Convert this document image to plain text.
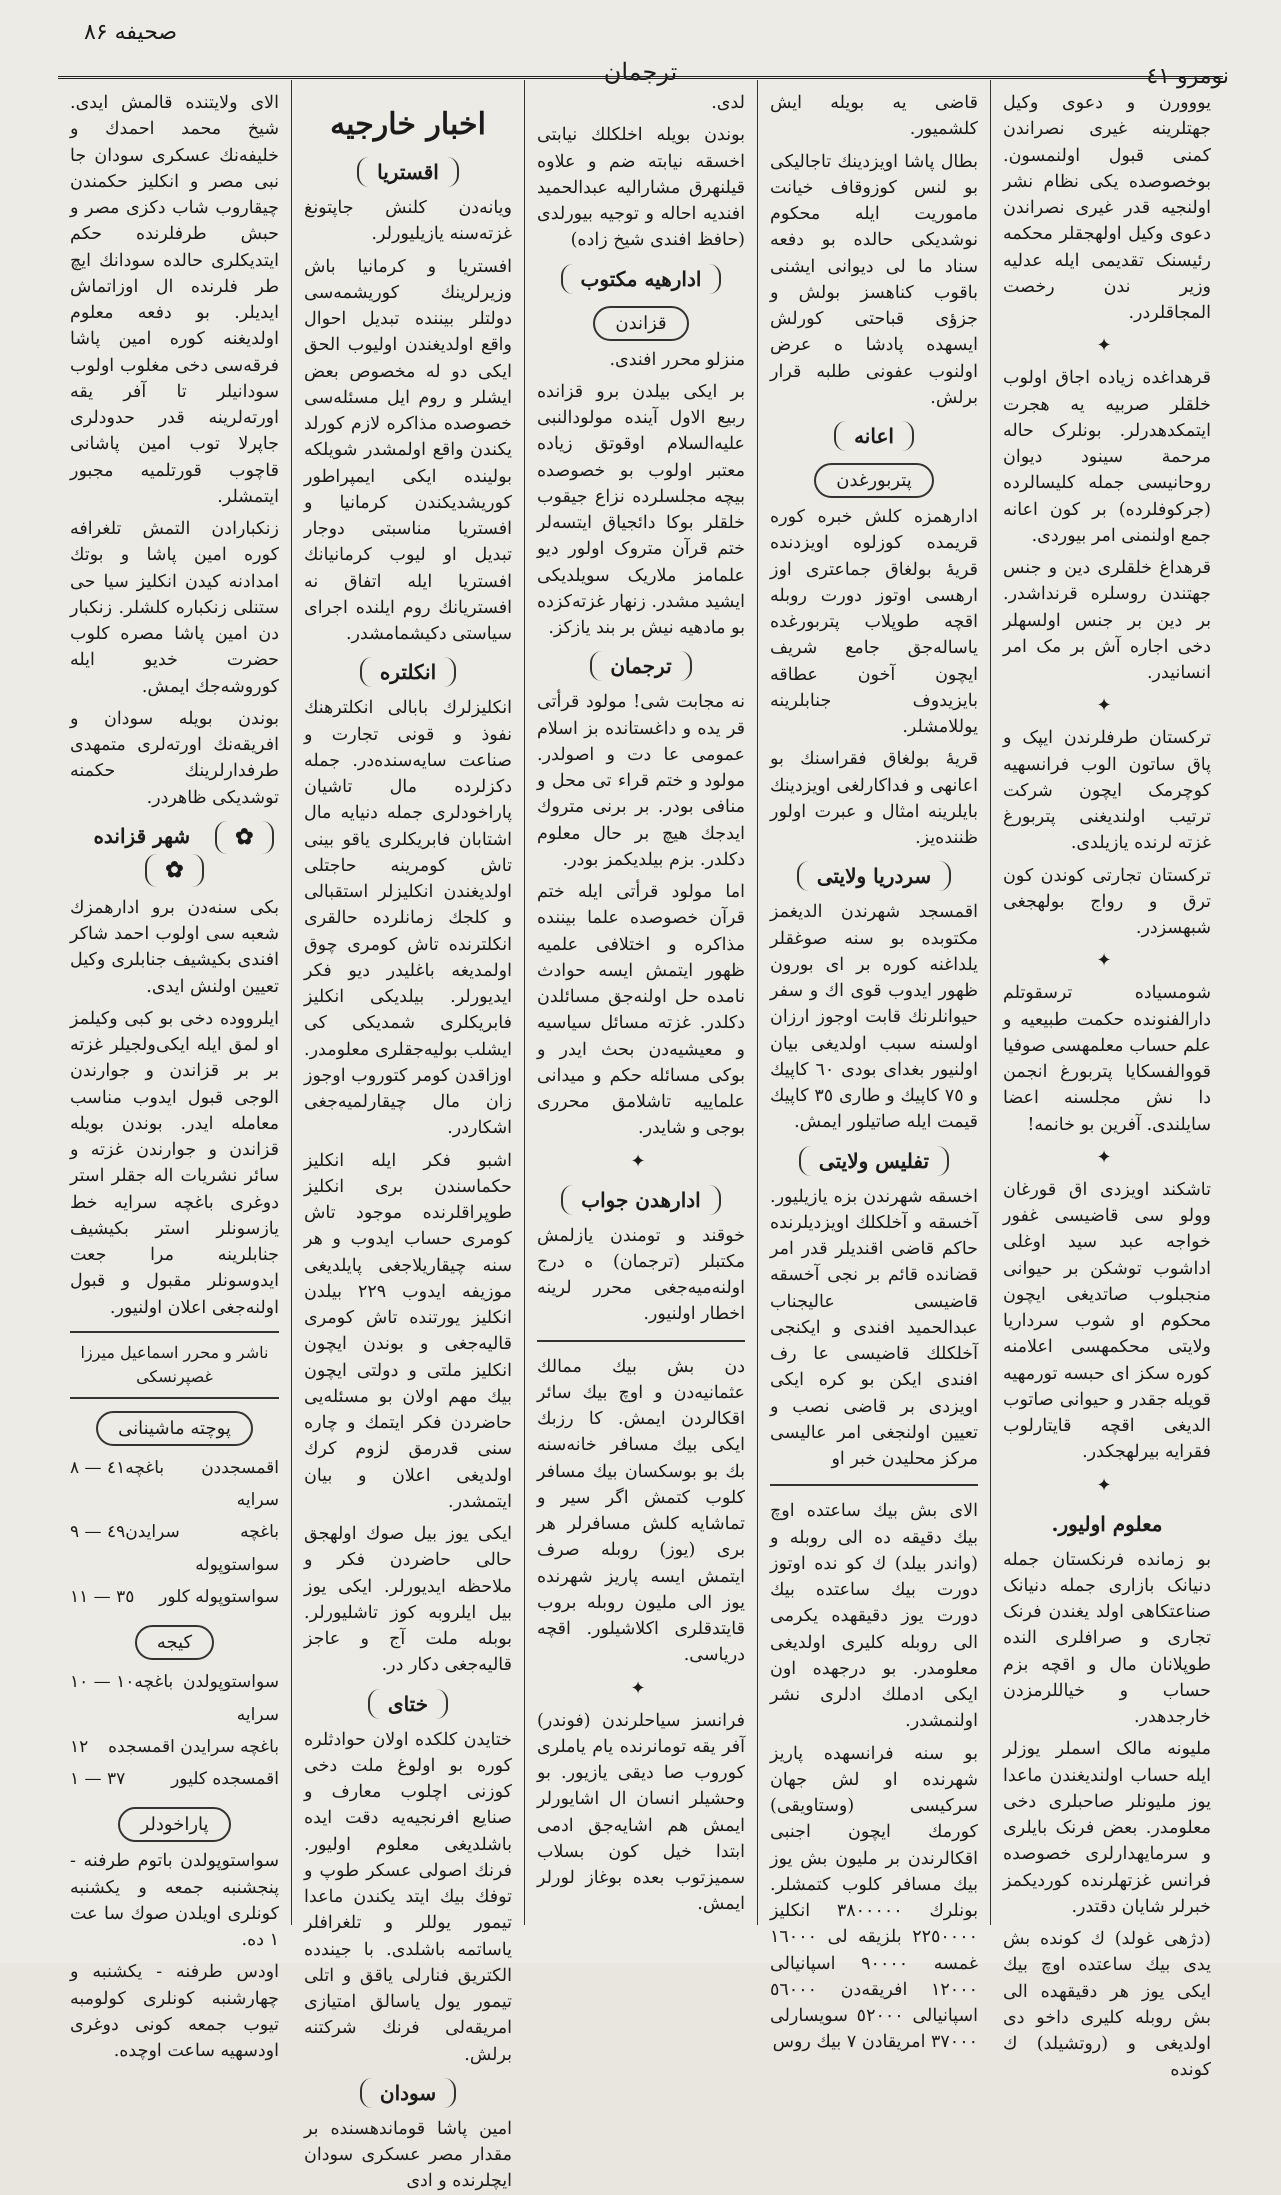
نومرو ٤١
ترجمان
صحیفه ۸۶

یووورن و دعوی وکیل جهتلرینه غیری نصراندن کمنی قبول اولنمسون. بوخصوصده یکی نظام نشر اولنجیه قدر غیری نصراندن دعوی وکیل اولهجقلر محکمه رئیسنک تقدیمی ایله عدلیه وزیر ندن رخصت المجاقلردر.

✦

قرهداغده زیاده اجاق اولوب خلقلر صربیه یه هجرت ایتمکدهدرلر. بونلرک حاله مرحمة سینود دیوان روحانیسی جمله کلیسالرده (جرکوفلرده) بر کون اعانه جمع اولنمنی امر بیوردی.

قرهداغ خلقلری دین و جنس جهتندن روسلره قرنداشدر. بر دین بر جنس اولسهلر دخی اجاره آش بر مک امر انسانیدر.

✦

ترکستان طرفلرندن ایپک و پاق ساتون الوب فرانسهیه کوچرمک ایچون شرکت ترتیب اولندیغنی پتربورغ غزته لرنده یازیلدی.

ترکستان تجارتی کوندن کون ترق و رواج بولهجغی شبهسزدر.

✦

شومسیاده ترسقوتلم دارالفنونده حکمت طبیعیه و علم حساب معلمهسی صوفیا قووالفسکایا پتربورغ انجمن دا نش مجلسنه اعضا سایلندی. آفرین بو خانمه!

✦

تاشکند اویزدی اق قورغان وولو سی قاضیسی غفور خواجه عبد سید اوغلی اداشوب توشکن بر حیوانی منجبلوب صاتدیغی ایچون محکوم او شوب سرداریا ولایتی محکمهسی اعلامنه کوره سکز ای حبسه تورمهیه قویله جقدر و حیوانی صاتوب الدیغی اقچه قایتارلوب فقرایه بیرلهجکدر.

✦
معلوم اولیور.

بو زمانده فرنکستان جمله دنیانک بازاری جمله دنیانک صناعتکاهی اولد یغندن فرنک تجاری و صرافلری النده طوپلانان مال و اقچه بزم حساب و خیاللرمزدن خارجدهدر.

ملیونه مالک اسملر یوزلر ایله حساب اولندیغندن ماعدا یوز ملیونلر صاحبلری دخی معلومدر. بعض فرنک بایلری و سرمایهدارلری خصوصده فرانس غزتهلرنده کوردیکمز خبرلر شایان دقتدر.

(دژهی غولد) ك کونده بش یدی بیك ساعتده اوچ بیك ایکی یوز هر دقیقهده الی بش روبله کلیری داخو دی اولدیغی و (روتشیلد) ك کونده

قاضی یه بویله ایش کلشمیور.

بطال پاشا اویزدینك تاجالیکی بو لنس کوزوقاف خیانت ماموریت ایله محکوم نوشدیکی حالده بو دفعه سناد ما لی دیوانی ایشنی باقوب کناهسز بولش و جزؤی قباحتی کورلش ایسهده پادشا ه عرض اولنوب عفونی طلبه قرار برلش.

اعانه
پتربورغدن

ادارهمزه کلش خبره کوره قریمده کوزلوه اویزدنده قریهٔ بولغاق جماعتری اوز ارهسی اوتوز دورت روبله اقچه طوپلاب پتربورغده یاساله‌جق جامع شریف ایچون آخون عطاقه بایزیدوف جنابلرینه یوللامشلر.

قریهٔ بولغاق فقراسنك بو اعانهی و فداکارلغی اویزدینك بایلرینه امثال و عبرت اولور ظننده‌یز.

سردریا ولایتی

اقمسجد شهرندن الدیغمز مکتوبده بو سنه صوغقلر یلداغنه کوره بر ای بورون ظهور ایدوب قوی اك و سفر حیوانلرنك قابت اوجوز ارزان اولسنه سبب اولدیغی بیان اولنیور بغدای بودی ٦٠ کاپیك و ٧٥ کاپیك و طاری ٣٥ کاپیك قیمت ایله صاتیلور ایمش.

تفلیس ولایتی

اخسقه شهرندن بزه یازیلیور. آخسقه و آخلکلك اویزدیلرنده حاکم قاضی اقندیلر قدر امر قضانده قائم بر نجی آخسقه قاضیسی عالیجناب عبدالحمید افندی و ایکنجی آخلکلك قاضیسی عا رف افندی ایکن بو کره ایکی اویزدی بر قاضی نصب و تعیین اولنجغی امر عالیسی مرکز محلیدن خبر او

الای بش بیك ساعتده اوچ بیك دقیقه ده الی روبله و (واندر بیلد) ك كو نده اوتوز دورت بیك ساعتده بیك دورت یوز دقیقهده یکرمی الی روبله کلیری اولدیغی معلومدر. بو درجهده اون ایکی ادملك ادلری نشر اولنمشدر.

بو سنه فرانسهده پاریز شهرنده او لش جهان سرکیسی (وستاویقی) کورمك ایچون اجنبی اقکالرندن بر ملیون بش یوز بیك مسافر کلوب کتمشلر. بونلرك ٣٨٠٠٠٠٠ انکلیز ٢٢٥٠٠٠٠ بلزیقه لی ١٦٠٠٠ غمسه ٩٠٠٠٠ اسپانیالی ١٢٠٠٠ افریقه‌دن ٥٦٠٠٠ اسپانیالی ٥٢٠٠٠ سویسارلی ٣٧٠٠٠ امریقادن ٧ بیك روس

لدی.

بوندن بویله اخلکلك نیابتی اخسقه نیابته ضم و علاوه قیلنهرق مشارالیه عبدالحمید افندیه احاله و توجیه بیورلدی (حافظ افندی شیخ زاده)

ادارهیه مکتوب
قزاندن

منزلو محرر افندی.

بر ایکی بیلدن برو قزانده ربیع الاول آینده مولودالنبی علیه‌السلام اوقوتق زیاده معتبر اولوب بو خصوصده بیچه مجلسلرده نزاع جیقوب خلقلر بوکا دائجیاق ایتسه‌لر ختم قرآن متروک اولور دیو علمامز ملاریک سویلدیکی ایشید مشدر. زنهار غزته‌کزده بو مادهیه نیش بر بند یازکز.

ترجمان

نه مجابت شی! مولود قرأتی قر یده و داغستانده بز اسلام عمومی عا دت و اصولدر. مولود و ختم قراء تی محل و منافی بودر. بر برنی متروك ایدجك هیچ بر حال معلوم دکلدر. بزم بیلدیکمز بودر.

اما مولود قرأتی ایله ختم قرآن خصوصده علما بیننده مذاکره و اختلافی علمیه ظهور ایتمش ایسه حوادث نامده حل اولنه‌جق مسائلدن دکلدر. غزته مسائل سیاسیه و معیشیه‌دن بحث ایدر و بوکی مسائله حکم و میدانی علماییه تاشلامق محرری بوجی و شایدر.

✦
ادارهدن جواب

خوقند و تومندن یازلمش مکتبلر (ترجمان) ه درج اولنه‌میه‌جغی محرر لرینه اخطار اولنیور.

دن بش بیك ممالك عثمانیه‌دن و اوچ بیك سائر اقکالردن ایمش. کا رزبك ایکی بیك مسافر خانه‌سنه بك بو بوسکسان بیك مسافر کلوب کتمش اگر سیر و تماشایه کلش مسافرلر هر بری (یوز) روبله صرف ایتمش ایسه پاریز شهرنده یوز الی ملیون روبله بروب قایتدقلری اکلاشیلور. اقچه دریاسی.

✦

فرانسز سیاحلرندن (فوندر) آفر یقه تومانرنده یام یاملری کوروب صا دیقی یازیور. بو وحشیلر انسان ال اشایورلر ایمش هم اشایه‌جق ادمی ابتدا خیل کون بسلاب سمیزتوب بعده بوغاز لورلر ایمش.

اخبار خارجیه
اقستریا

ویانه‌دن کلنش جاپتونغ غزته‌سنه یازیلیورلر.

افستریا و کرمانیا باش وزیرلرینك کوریشمه‌سی دولتلر بیننده تبدیل احوال واقع اولدیغندن اولیوب الحق ایکی دو له مخصوص بعض ایشلر و روم ایل مسئله‌سی خصوصده مذاکره لازم کورلد یکندن واقع اولمشدر شویلکه بولینده ایکی ایمپراطور کوریشدیکندن کرمانیا و افستریا مناسبتی دوجار تبدیل او لیوب کرمانیانك افستریا ایله اتفاق نه افستریانك روم ایلنده اجرای سیاستی دکیشمامشدر.

انکلتره

انکلیزلرك بابالی انکلترهنك نفوذ و قونی تجارت و صناعت سایه‌سنده‌در. جمله دکزلرده مال تاشیان پاراخودلری جمله دنیایه مال اشتابان فابریکلری یاقو بینی تاش کومرینه حاجتلی اولدیغندن انکلیزلر استقبالی و کلجك زمانلرده حالقری انکلترنده تاش کومری چوق اولمدیغه باغلیدر دیو فکر ایدیورلر. بیلدیکی انکلیز فابریکلری شمدیکی کی ایشلب بولیه‌جقلری معلومدر. اوزاقدن کومر کتوروب اوجوز زان مال چیقارلمیه‌جغی اشکاردر.

اشبو فکر ایله انکلیز حکماسندن بری انکلیز طوپراقلرنده موجود تاش کومری حساب ایدوب و هر سنه چیقاریلاجغی پایلدیغی موزیفه ایدوب ٢٢٩ بیلدن انکلیز یورتنده تاش کومری قالیه‌جغی و بوندن ایچون انکلیز ملتی و دولتی ایچون بیك مهم اولان بو مسئله‌یی حاضردن فکر ایتمك و چاره سنی قدرمق لزوم کرك اولدیغی اعلان و بیان ایتمشدر.

ایکی یوز بیل صوك اولهجق حالی حاضردن فکر و ملاحظه ایدیورلر. ایکی یوز بیل ایلروبه کوز تاشلیورلر. بوبله ملت آج و عاجز قالیه‌جغی دکار در.

ختای

ختایدن کلکده اولان حوادثلره کوره بو اولوغ ملت دخی کوزنی اچلوب معارف و صنایع افرنجیه‌یه دقت ایده باشلدیغی معلوم اولیور. فرنك اصولی عسکر طوپ و توفك بیك ایتد یکندن ماعدا تیمور یوللر و تلغرافلر یاساتمه باشلدی. با جیندده الکتریق فنارلی یاقق و اتلی تیمور یول یاسالق امتیازی امریقه‌لی فرنك شرکتنه برلش.

سودان

امین پاشا قوماندهسنده بر مقدار مصر عسکری سودان ایچلرنده و ادی

الای ولایتنده قالمش ایدی. شیخ محمد احمدك و خلیفه‌نك عسکری سودان جا نبی مصر و انکلیز حکمندن چیقاروب شاب دکزی مصر و حبش طرفلرنده حکم ایتدیکلری حالده سودانك ایچ طر فلرنده ال اوزاتماش ایدیلر. بو دفعه معلوم اولدیغنه کوره امین پاشا فرقه‌سی دخی مغلوب اولوب سودانیلر تا آفر یقه اورته‌لرینه قدر حدودلری جاپرلا توب امین پاشانی قاچوب قورتلمیه مجبور ایتمشلر.

زنکبارادن التمش تلغرافه کوره امین پاشا و بوتك امدادنه کیدن انکلیز سیا حی ستنلی زنکباره کلشلر. زنکبار دن امین پاشا مصره کلوب حضرت خدیو ایله کوروشه‌جك ایمش.

بوندن بویله سودان و افریقه‌نك اورته‌لری متمهدی طرفدارلرینك حکمنه توشدیکی ظاهردر.

✿ شهر قزانده ✿

بکی سنه‌دن برو ادارهمزك شعبه سی اولوب احمد شاکر افندی بکیشیف جنابلری وکیل تعیین اولنش ایدی.

ایلرووده دخی بو کبی وکیلمز او لمق ایله ایکی‌ولجیلر غزته بر بر قزاندن و جوارندن الوجی قبول ایدوب مناسب معامله ایدر. بوندن بویله قزاندن و جوارندن غزته و سائر نشریات اله جقلر استر دوغری باغچه سرایه خط یازسونلر استر بکیشیف جنابلرینه مرا جعت ایدوسونلر مقبول و قبول اولنه‌جغی اعلان اولنیور.

ناشر و محرر اسماعیل میرزا غصپرنسکی
پوچته ماشینانی
اقمسجددن باغچه سرایه
٤١ — ٨
باغچه سرایدن سواستوپوله
٤٩ — ٩
سواستوپوله کلور
٣٥ — ١١
کیجه
سواستوپولدن باغچه سرایه
١٠ — ١٠
باغچه سرایدن اقمسجده
١٢
اقمسجده کلیور
٣٧ — ١
پاراخودلر

سواستوپولدن باتوم طرفنه - پنجشنبه جمعه و یکشنبه کونلری اویلدن صوك سا عت ١ ده.

اودس طرفنه - یکشنبه و چهارشنبه کونلری کولومبه تیوب جمعه کونی دوغری اودسهیه ساعت اوچده.
